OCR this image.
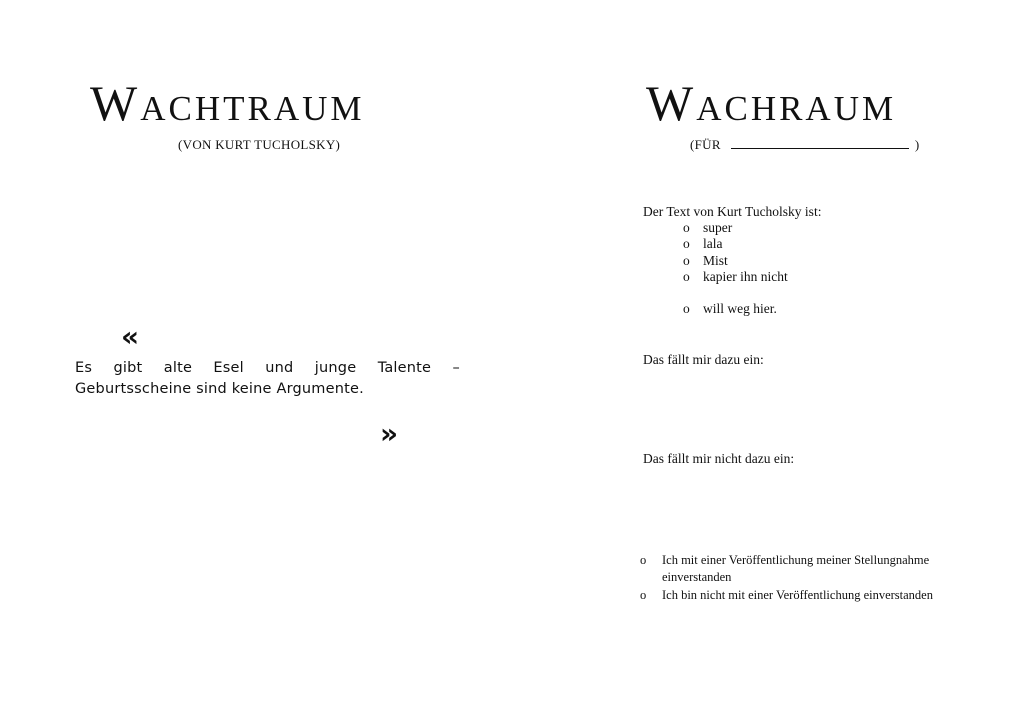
Wachtraum
(VON KURT TUCHOLSKY)
«
Es gibt alte Esel und junge Talente – Geburtsscheine sind keine Argumente.
»
Wachraum
(FÜR	)
Der Text von Kurt Tucholsky ist:
o super
o lala
o Mist
o kapier ihn nicht
o will weg hier.
Das fällt mir dazu ein:
Das fällt mir nicht dazu ein:
o	Ich mit einer Veröffentlichung meiner Stellungnahme einverstanden
o	Ich bin nicht mit einer Veröffentlichung einverstanden
